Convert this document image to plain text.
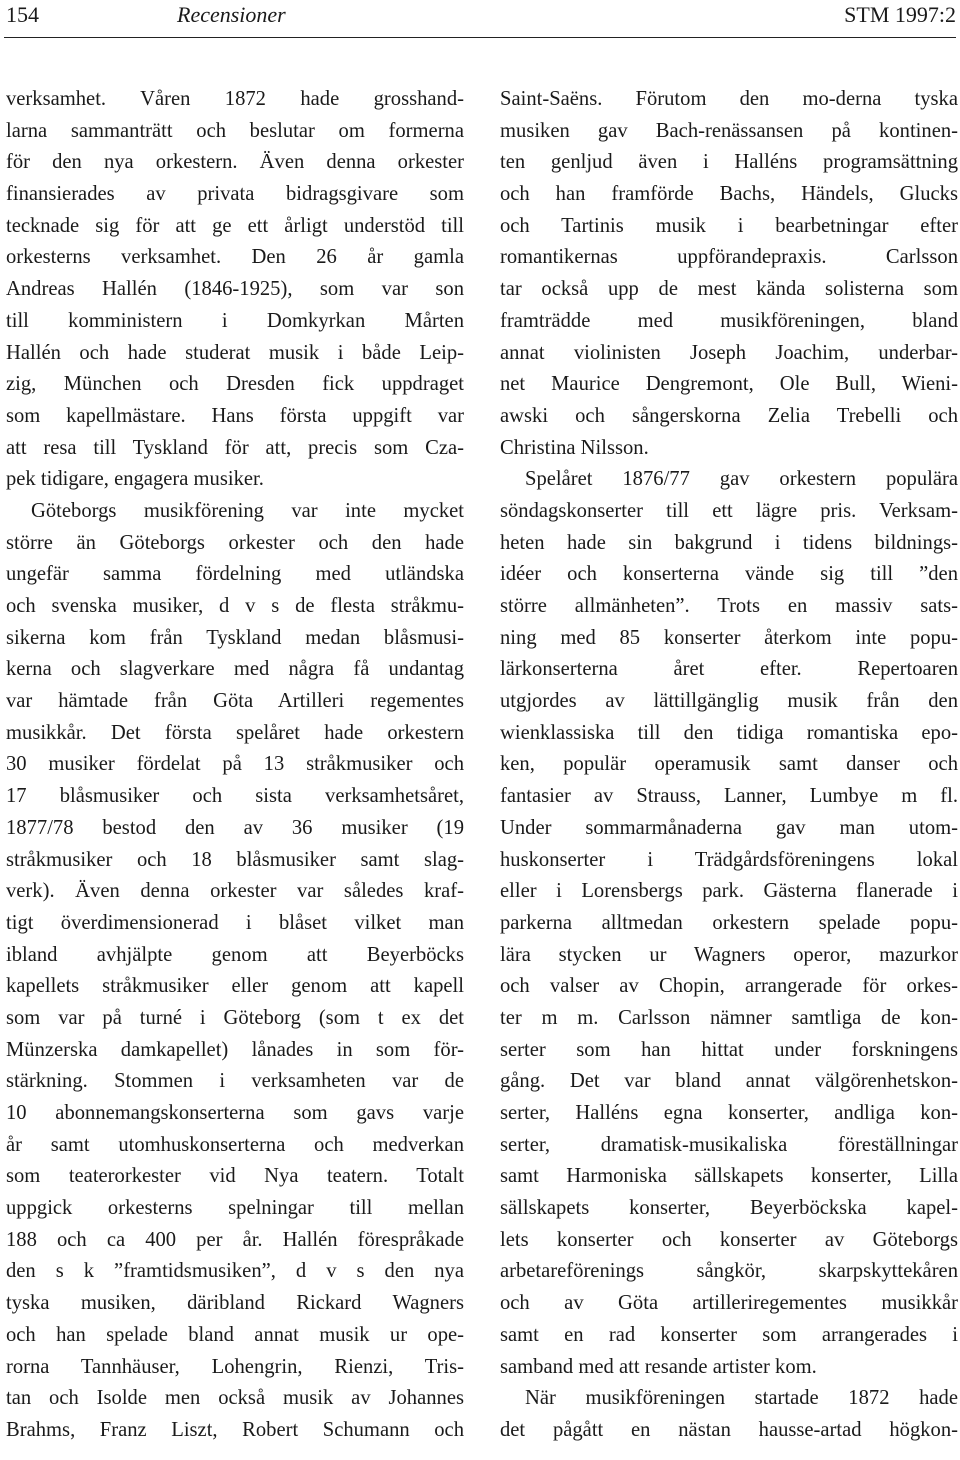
154	Recensioner	STM 1997:2
verksamhet. Våren 1872 hade grosshand-
larna sammanträtt och beslutar om formerna
för den nya orkestern. Även denna orkester
finansierades av privata bidragsgivare som
tecknade sig för att ge ett årligt understöd till
orkesterns verksamhet. Den 26 år gamla
Andreas Hallén (1846-1925), som var son
till komministern i Domkyrkan Mårten
Hallén och hade studerat musik i både Leip-
zig, München och Dresden fick uppdraget
som kapellmästare. Hans första uppgift var
att resa till Tyskland för att, precis som Cza-
pek tidigare, engagera musiker.
Göteborgs musikförening var inte mycket
större än Göteborgs orkester och den hade
ungefär samma fördelning med utländska
och svenska musiker, d v s de flesta stråkmu-
sikerna kom från Tyskland medan blåsmusi-
kerna och slagverkare med några få undantag
var hämtade från Göta Artilleri regementes
musikkår. Det första spelåret hade orkestern
30 musiker fördelat på 13 stråkmusiker och
17 blåsmusiker och sista verksamhetsåret,
1877/78 bestod den av 36 musiker (19
stråkmusiker och 18 blåsmusiker samt slag-
verk). Även denna orkester var således kraf-
tigt överdimensionerad i blåset vilket man
ibland avhjälpte genom att Beyerböcks
kapellets stråkmusiker eller genom att kapell
som var på turné i Göteborg (som t ex det
Münzerska damkapellet) lånades in som för-
stärkning. Stommen i verksamheten var de
10 abonnemangskonserterna som gavs varje
år samt utomhuskonserterna och medverkan
som teaterorkester vid Nya teatern. Totalt
uppgick orkesterns spelningar till mellan
188 och ca 400 per år. Hallén förespråkade
den s k ”framtidsmusiken”, d v s den nya
tyska musiken, däribland Rickard Wagners
och han spelade bland annat musik ur ope-
rorna Tannhäuser, Lohengrin, Rienzi, Tris-
tan och Isolde men också musik av Johannes
Brahms, Franz Liszt, Robert Schumann och
Saint-Saëns. Förutom den mo-derna tyska
musiken gav Bach-renässansen på kontinen-
ten genljud även i Halléns programsättning
och han framförde Bachs, Händels, Glucks
och Tartinis musik i bearbetningar efter
romantikernas uppförandepraxis. Carlsson
tar också upp de mest kända solisterna som
framträdde med musikföreningen, bland
annat violinisten Joseph Joachim, underbar-
net Maurice Dengremont, Ole Bull, Wieni-
awski och sångerskorna Zelia Trebelli och
Christina Nilsson.
Spelåret 1876/77 gav orkestern populära
söndagskonserter till ett lägre pris. Verksam-
heten hade sin bakgrund i tidens bildnings-
idéer och konserterna vände sig till ”den
större allmänheten”. Trots en massiv sats-
ning med 85 konserter återkom inte popu-
lärkonserterna året efter. Repertoaren
utgjordes av lättillgänglig musik från den
wienklassiska till den tidiga romantiska epo-
ken, populär operamusik samt danser och
fantasier av Strauss, Lanner, Lumbye m fl.
Under sommarmånaderna gav man utom-
huskonserter i Trädgårdsföreningens lokal
eller i Lorensbergs park. Gästerna flanerade i
parkerna alltmedan orkestern spelade popu-
lära stycken ur Wagners operor, mazurkor
och valser av Chopin, arrangerade för orkes-
ter m m. Carlsson nämner samtliga de kon-
serter som han hittat under forskningens
gång. Det var bland annat välgörenhetskon-
serter, Halléns egna konserter, andliga kon-
serter, dramatisk-musikaliska föreställningar
samt Harmoniska sällskapets konserter, Lilla
sällskapets konserter, Beyerböckska kapel-
lets konserter och konserter av Göteborgs
arbetareförenings sångkör, skarpskyttekåren
och av Göta artilleriregementes musikkår
samt en rad konserter som arrangerades i
samband med att resande artister kom.
När musikföreningen startade 1872 hade
det pågått en nästan hausse-artad högkon-
